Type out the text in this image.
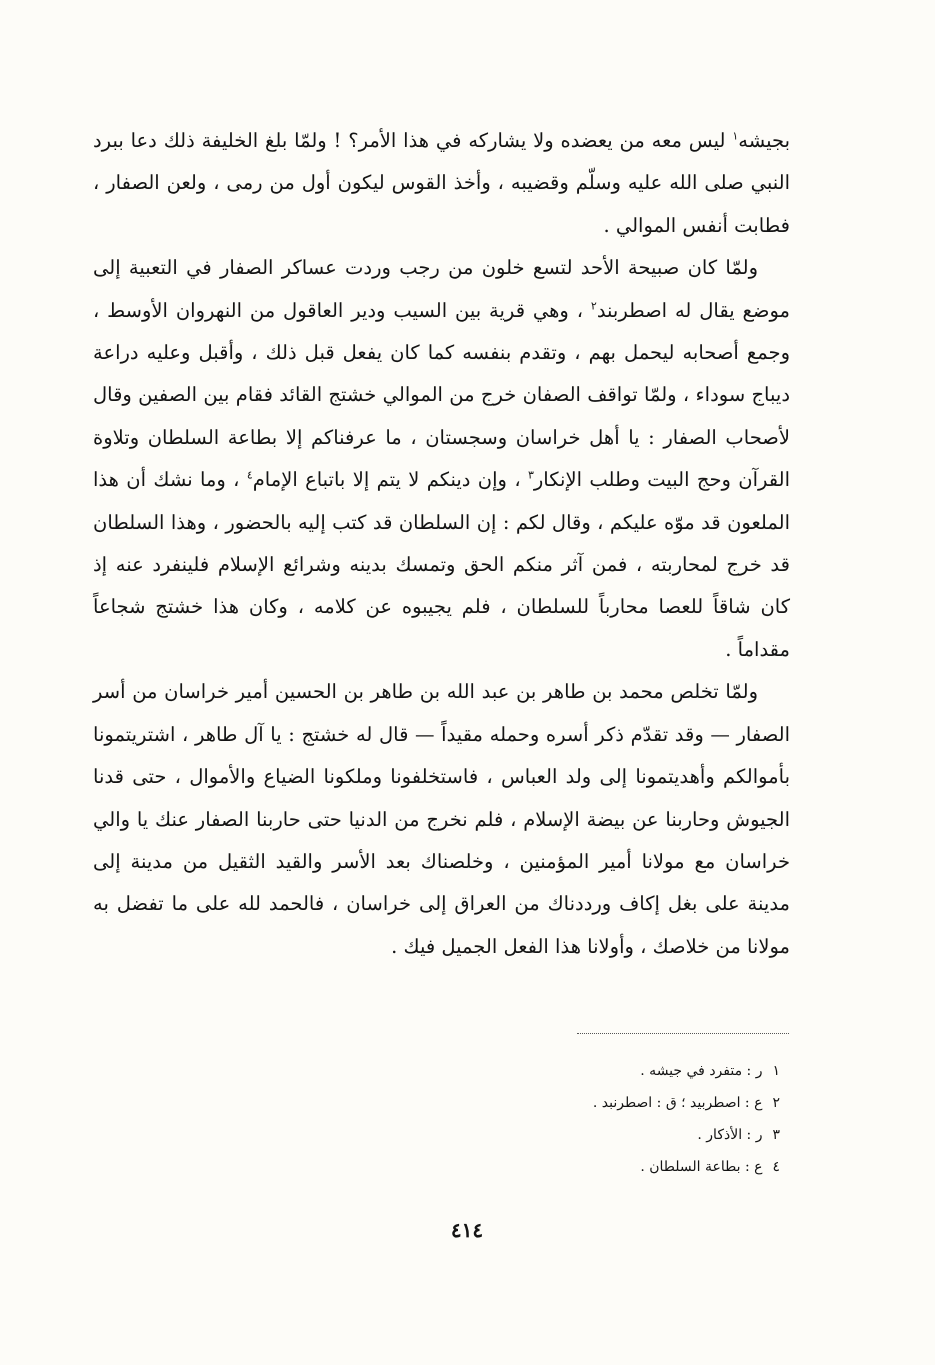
بجيشه$^١$ ليس معه من يعضده ولا يشاركه في هذا الأمر؟ ! ولمّا بلغ الخليفة ذلك دعا ببرد النبي صلى الله عليه وسلّم وقضيبه ، وأخذ القوس ليكون أول من رمى ، ولعن الصفار ، فطابت أنفس الموالي .

ولمّا كان صبيحة الأحد لتسع خلون من رجب وردت عساكر الصفار في التعبية إلى موضع يقال له اصطربند$^٢$ ، وهي قرية بين السيب ودير العاقول من النهروان الأوسط ، وجمع أصحابه ليحمل بهم ، وتقدم بنفسه كما كان يفعل قبل ذلك ، وأقبل وعليه دراعة ديباج سوداء ، ولمّا تواقف الصفان خرج من الموالي خشتج القائد فقام بين الصفين وقال لأصحاب الصفار : يا أهل خراسان وسجستان ، ما عرفناكم إلا بطاعة السلطان وتلاوة القرآن وحج البيت وطلب الإنكار$^٣$ ، وإن دينكم لا يتم إلا باتباع الإمام$^٤$ ، وما نشك أن هذا الملعون قد موّه عليكم ، وقال لكم : إن السلطان قد كتب إليه بالحضور ، وهذا السلطان قد خرج لمحاربته ، فمن آثر منكم الحق وتمسك بدينه وشرائع الإسلام فلينفرد عنه إذ كان شاقاً للعصا محارباً للسلطان ، فلم يجيبوه عن كلامه ، وكان هذا خشتج شجاعاً مقداماً .

ولمّا تخلص محمد بن طاهر بن عبد الله بن طاهر بن الحسين أمير خراسان من أسر الصفار — وقد تقدّم ذكر أسره وحمله مقيداً — قال له خشتج : يا آل طاهر ، اشتريتمونا بأموالكم وأهديتمونا إلى ولد العباس ، فاستخلفونا وملكونا الضياع والأموال ، حتى قدنا الجيوش وحاربنا عن بيضة الإسلام ، فلم نخرج من الدنيا حتى حاربنا الصفار عنك يا والي خراسان مع مولانا أمير المؤمنين ، وخلصناك بعد الأسر والقيد الثقيل من مدينة إلى مدينة على بغل إكاف ورددناك من العراق إلى خراسان ، فالحمد لله على ما تفضل به مولانا من خلاصك ، وأولانا هذا الفعل الجميل فيك .

١ر : متفرد في جيشه .
٢ع : اصطربيد ؛ ق : اصطرنبد .
٣ر : الأذكار .
٤ع : بطاعة السلطان .
٤١٤
